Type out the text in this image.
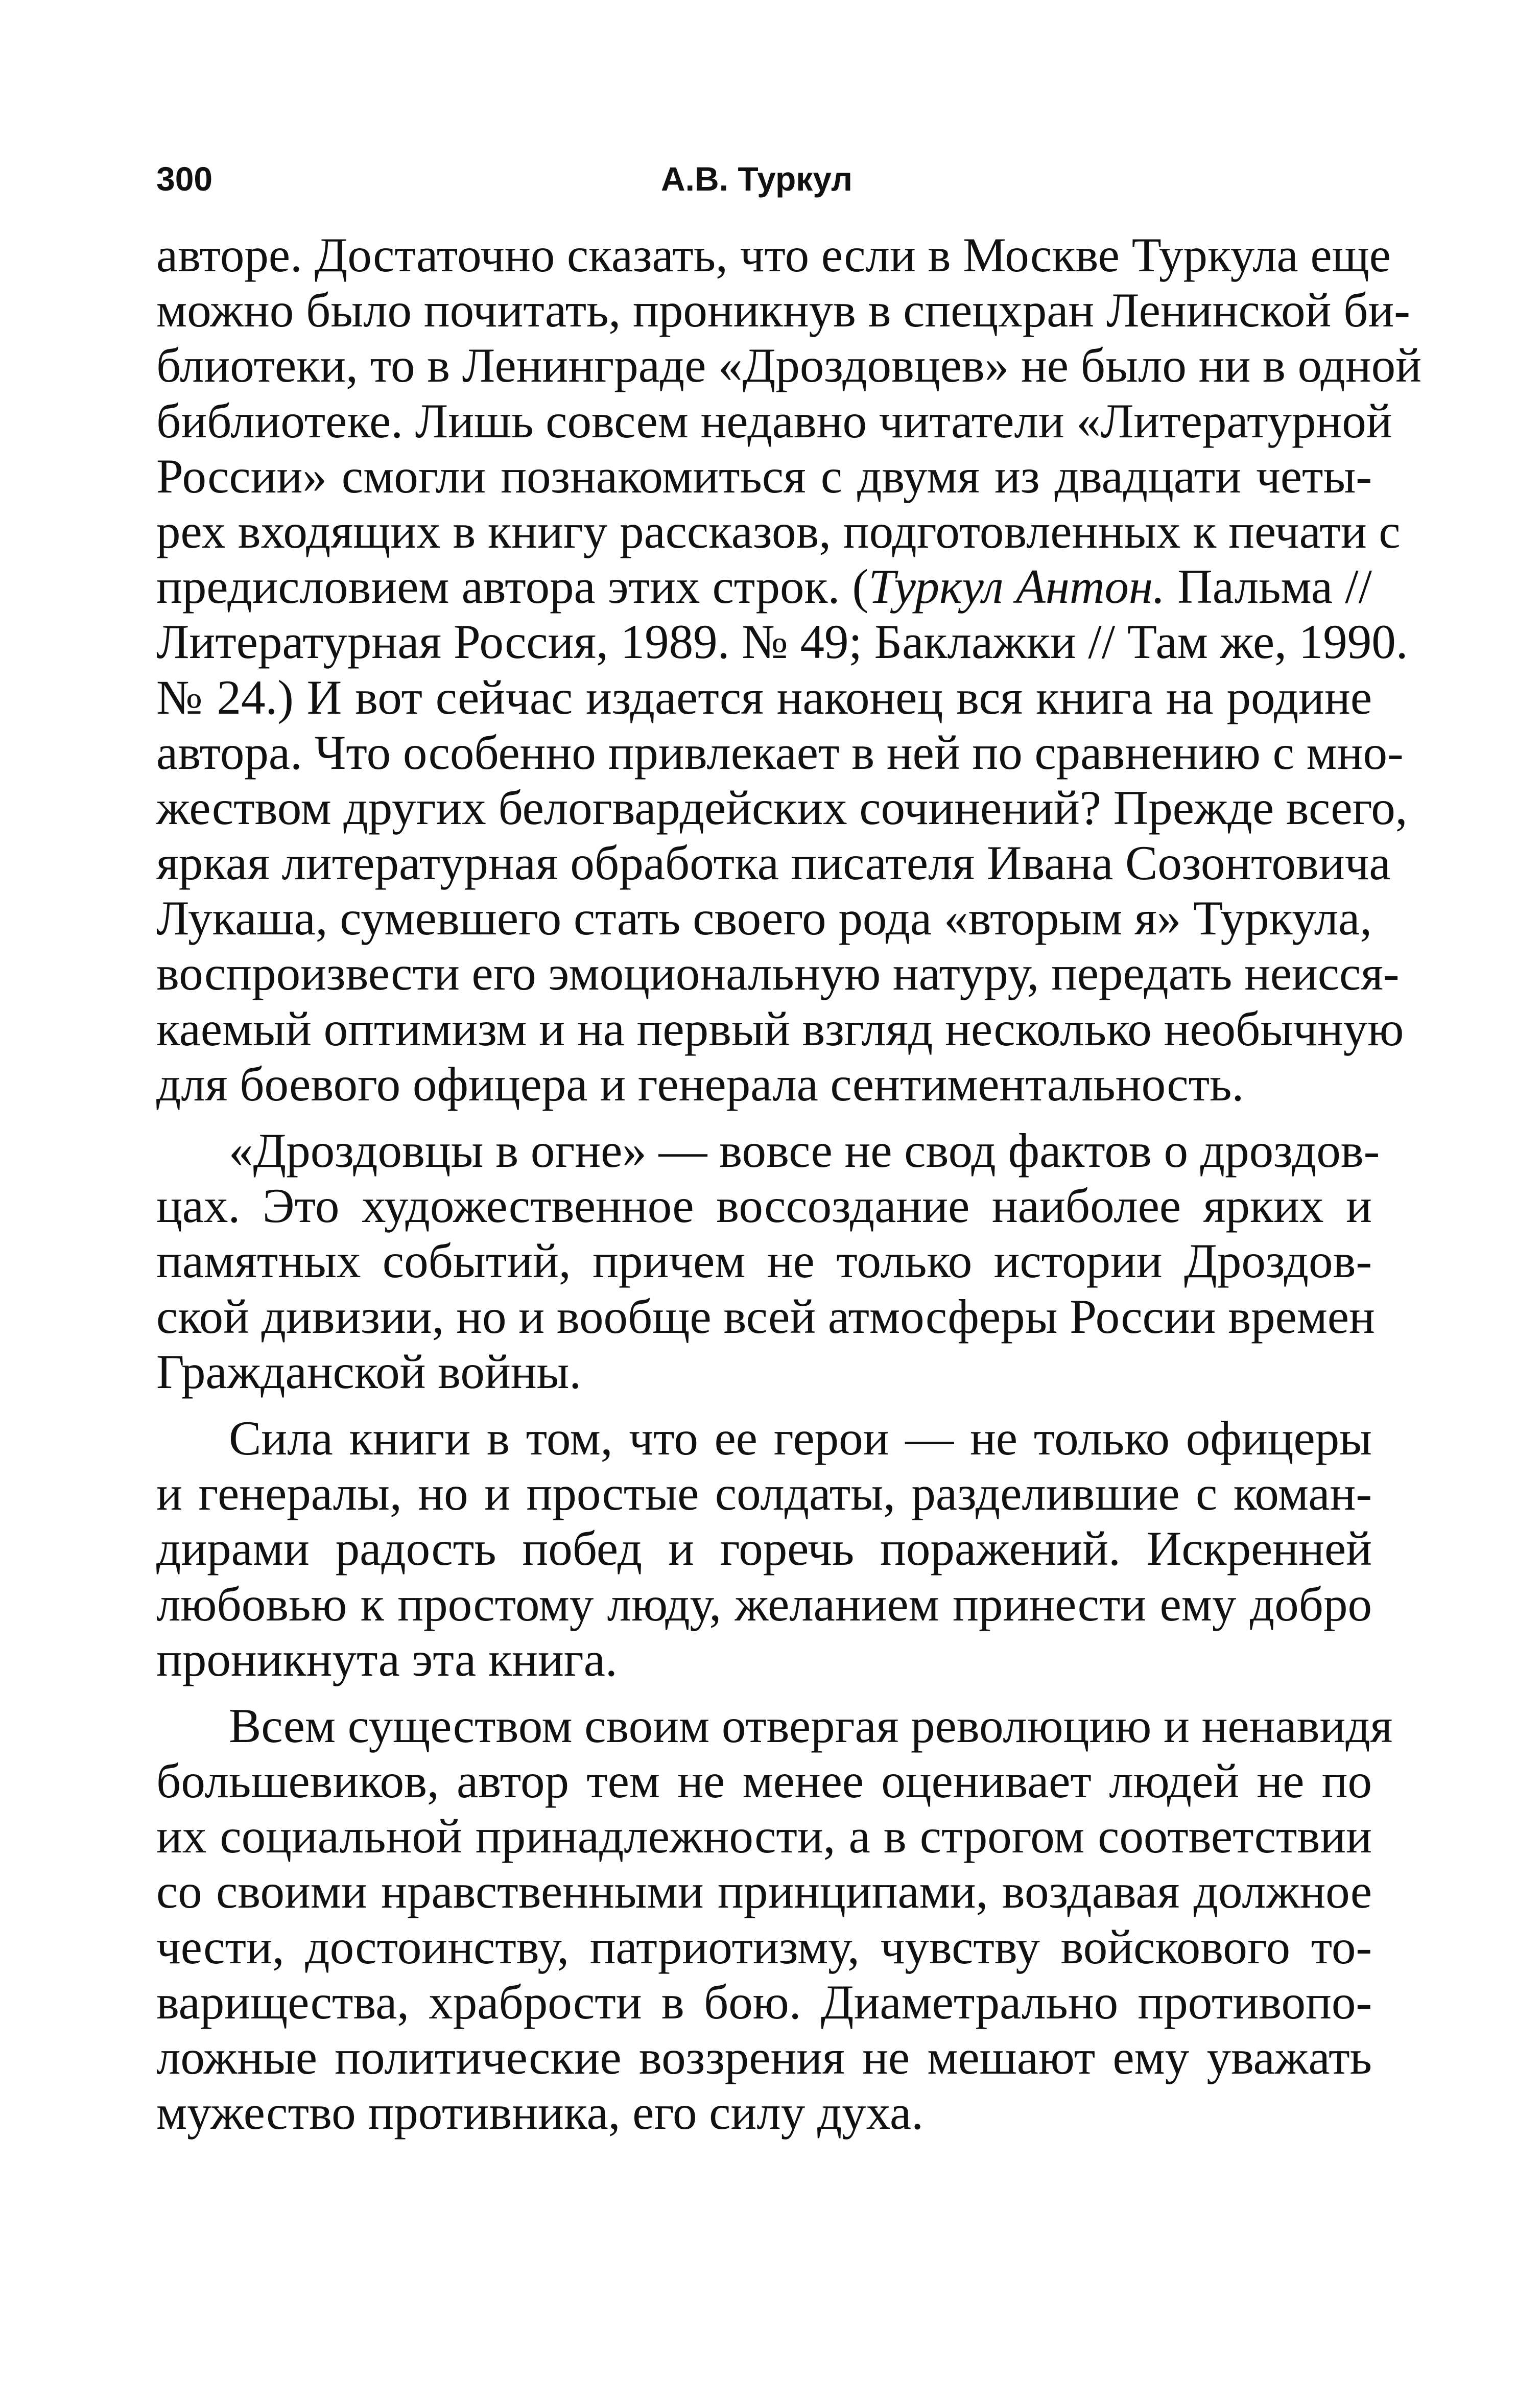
300	А.В. Туркул
авторе. Достаточно сказать, что если в Москве Туркула еще
можно было почитать, проникнув в спецхран Ленинской би-
блиотеки, то в Ленинграде «Дроздовцев» не было ни в одной
библиотеке. Лишь совсем недавно читатели «Литературной
России» смогли познакомиться с двумя из двадцати четы-
рех входящих в книгу рассказов, подготовленных к печати с
предисловием автора этих строк. (Туркул Антон. Пальма //
Литературная Россия, 1989. № 49; Баклажки // Там же, 1990.
№ 24.) И вот сейчас издается наконец вся книга на родине
автора. Что особенно привлекает в ней по сравнению с мно-
жеством других белогвардейских сочинений? Прежде всего,
яркая литературная обработка писателя Ивана Созонтовича
Лукаша, сумевшего стать своего рода «вторым я» Туркула,
воспроизвести его эмоциональную натуру, передать неисся-
каемый оптимизм и на первый взгляд несколько необычную
для боевого офицера и генерала сентиментальность.
«Дроздовцы в огне» — вовсе не свод фактов о дроздов-
цах. Это художественное воссоздание наиболее ярких и
памятных событий, причем не только истории Дроздов-
ской дивизии, но и вообще всей атмосферы России времен
Гражданской войны.
Сила книги в том, что ее герои — не только офицеры
и генералы, но и простые солдаты, разделившие с коман-
дирами радость побед и горечь поражений. Искренней
любовью к простому люду, желанием принести ему добро
проникнута эта книга.
Всем существом своим отвергая революцию и ненавидя
большевиков, автор тем не менее оценивает людей не по
их социальной принадлежности, а в строгом соответствии
со своими нравственными принципами, воздавая должное
чести, достоинству, патриотизму, чувству войскового то-
варищества, храбрости в бою. Диаметрально противопо-
ложные политические воззрения не мешают ему уважать
мужество противника, его силу духа.
